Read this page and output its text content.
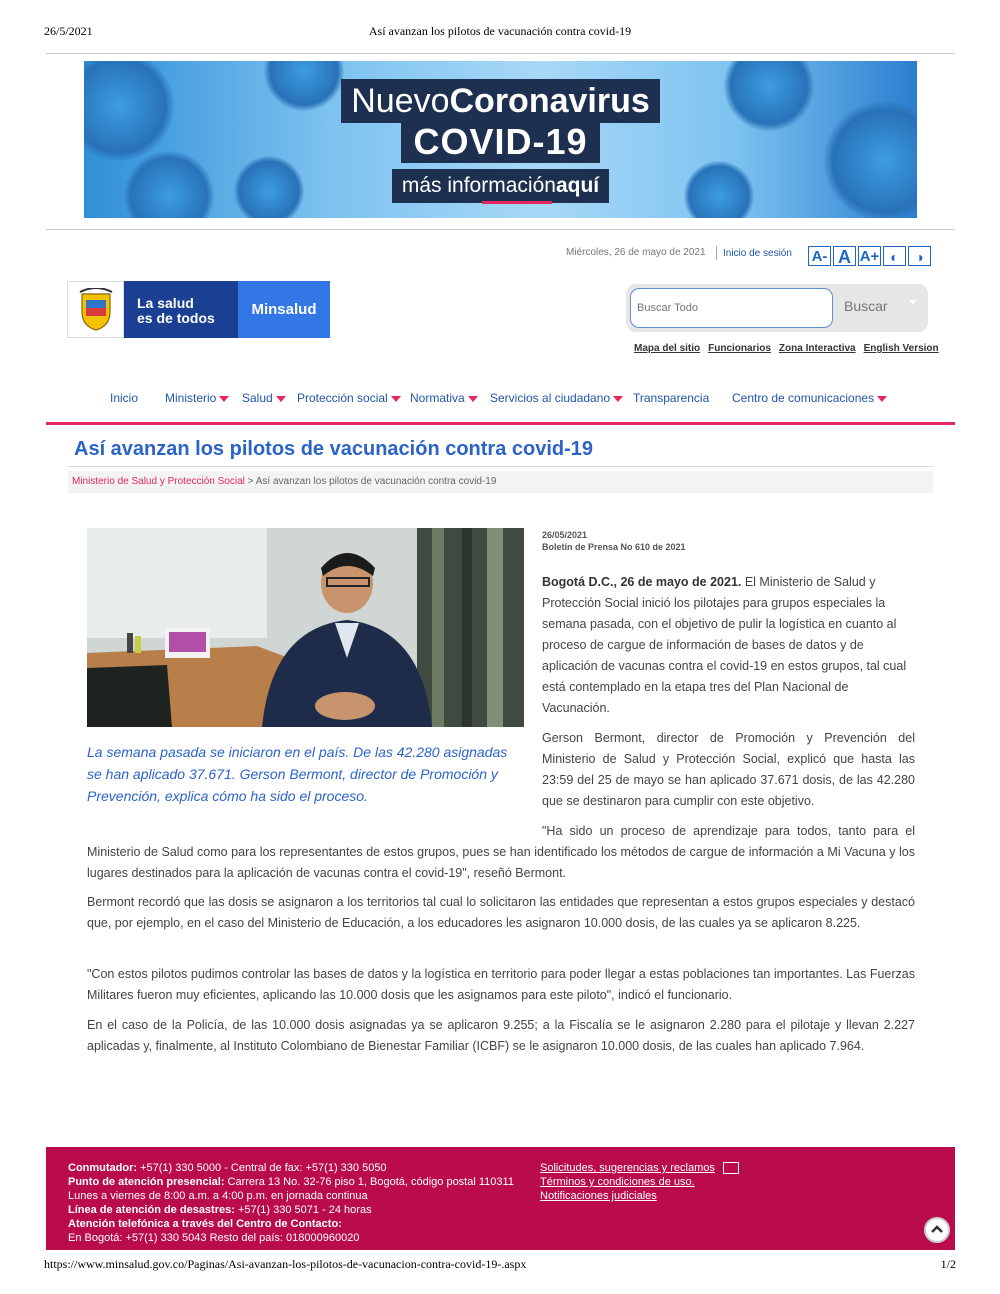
26/5/2021	Así avanzan los pilotos de vacunación contra covid-19
NuevoCoronavirus
COVID-19
más informaciónaquí
Miércoles, 26 de mayo de 2021 Inicio de sesión A- A A+ ◐	◑
La salud
es de todos	Minsalud
Buscar Todo	Buscar
Mapa del sitio Funcionarios Zona Interactiva English Version
Inicio Ministerio	Salud	Protección social	Normativa	Servicios al ciudadano	Transparencia Centro de comunicaciones
Así avanzan los pilotos de vacunación contra covid-19
Ministerio de Salud y Protección Social > Así avanzan los pilotos de vacunación contra covid-19
La semana pasada se iniciaron en el país. De las 42.280 asignadas se han aplicado 37.671. Gerson Bermont, director de Promoción y Prevención, explica cómo ha sido el proceso.
26/05/2021
Boletín de Prensa No 610 de 2021
Bogotá D.C., 26 de mayo de 2021. El Ministerio de Salud y Protección Social inició los pilotajes para grupos especiales la semana pasada, con el objetivo de pulir la logística en cuanto al proceso de cargue de información de bases de datos y de aplicación de vacunas contra el covid-19 en estos grupos, tal cual está contemplado en la etapa tres del Plan Nacional de Vacunación.
Gerson Bermont, director de Promoción y Prevención del Ministerio de Salud y Protección Social, explicó que hasta las 23:59 del 25 de mayo se han aplicado 37.671 dosis, de las 42.280 que se destinaron para cumplir con este objetivo.
"Ha sido un proceso de aprendizaje para todos, tanto para el
Ministerio de Salud como para los representantes de estos grupos, pues se han identificado los métodos de cargue de información a Mi Vacuna y los lugares destinados para la aplicación de vacunas contra el covid-19", reseñó Bermont.
Bermont recordó que las dosis se asignaron a los territorios tal cual lo solicitaron las entidades que representan a estos grupos especiales y destacó que, por ejemplo, en el caso del Ministerio de Educación, a los educadores les asignaron 10.000 dosis, de las cuales ya se aplicaron 8.225.
"Con estos pilotos pudimos controlar las bases de datos y la logística en territorio para poder llegar a estas poblaciones tan importantes. Las Fuerzas Militares fueron muy eficientes, aplicando las 10.000 dosis que les asignamos para este piloto", indicó el funcionario.
En el caso de la Policía, de las 10.000 dosis asignadas ya se aplicaron 9.255; a la Fiscalía se le asignaron 2.280 para el pilotaje y llevan 2.227 aplicadas y, finalmente, al Instituto Colombiano de Bienestar Familiar (ICBF) se le asignaron 10.000 dosis, de las cuales han aplicado 7.964.
Conmutador: +57(1) 330 5000 - Central de fax: +57(1) 330 5050
Punto de atención presencial: Carrera 13 No. 32-76 piso 1, Bogotá, código postal 110311
Lunes a viernes de 8:00 a.m. a 4:00 p.m. en jornada continua
Línea de atención de desastres: +57(1) 330 5071 - 24 horas
Atención telefónica a través del Centro de Contacto:
En Bogotá: +57(1) 330 5043 Resto del país: 018000960020
Solicitudes, sugerencias y reclamos
Términos y condiciones de uso.
Notificaciones judiciales
https://www.minsalud.gov.co/Paginas/Asi-avanzan-los-pilotos-de-vacunacion-contra-covid-19-.aspx	1/2
